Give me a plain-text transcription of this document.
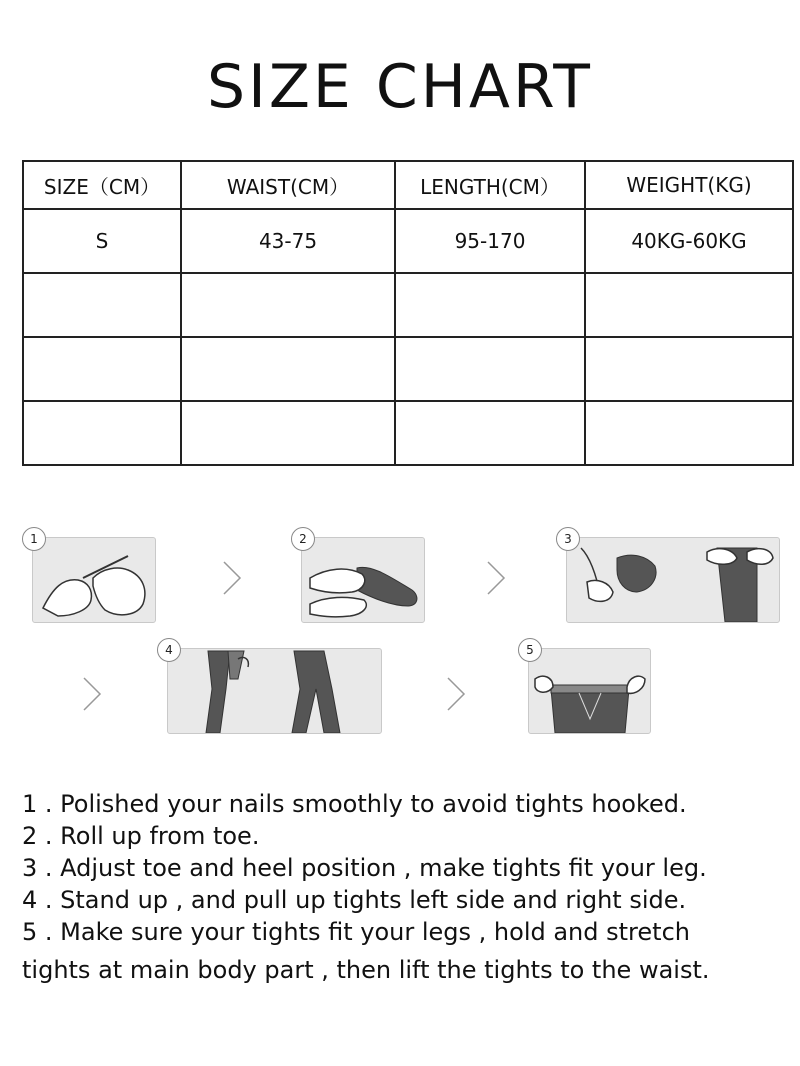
SIZE CHART
SIZE（CM）	WAIST(CM）	LENGTH(CM）	WEIGHT(KG)
S	43-75	95-170	40KG-60KG

1	2	3
4	5
1 . Polished your nails smoothly to avoid tights hooked.
2 . Roll up from toe.
3 . Adjust toe and heel position , make tights fit your leg.
4 . Stand up , and pull up tights left side and right side.
5 . Make sure your tights fit your legs , hold and stretch
tights at main body part , then lift the tights to the waist.
